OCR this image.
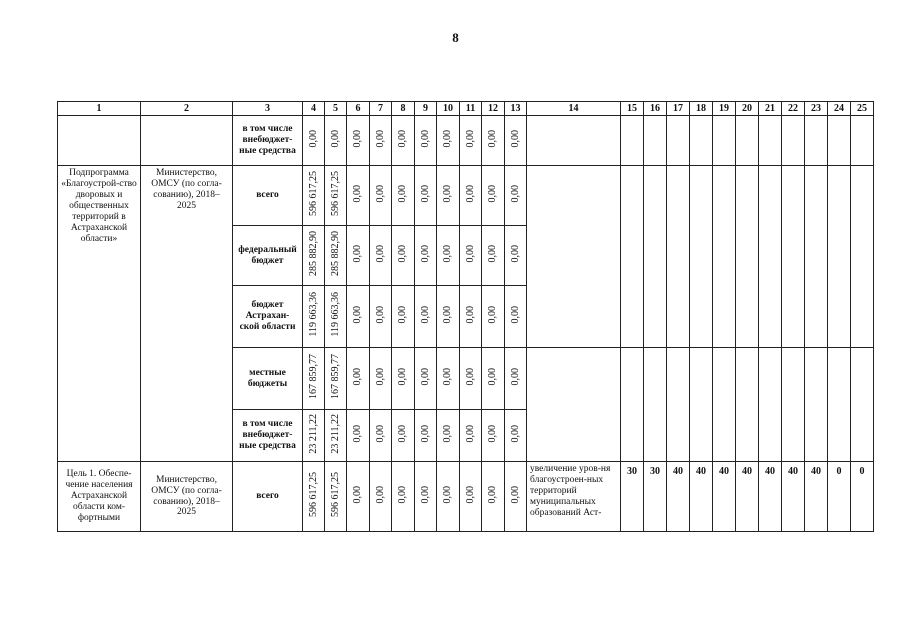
8
1	2	3	4	5	6	7	8	9	10	11	12	13	14	15	16	17	18	19	20	21	22	23	24	25
		в том числе внебюджет-ные средства	0,00	0,00	0,00	0,00	0,00	0,00	0,00	0,00	0,00	0,00												
Подпрограмма «Благоустрой-ство дворовых и общественных территорий в Астраханской области»	Министерство, ОМСУ (по согла-сованию), 2018–2025	всего	596 617,25	596 617,25	0,00	0,00	0,00	0,00	0,00	0,00	0,00	0,00												
		федеральный бюджет	285 882,90	285 882,90	0,00	0,00	0,00	0,00	0,00	0,00	0,00	0,00												
		бюджет Астрахан-ской области	119 663,36	119 663,36	0,00	0,00	0,00	0,00	0,00	0,00	0,00	0,00												
		местные бюджеты	167 859,77	167 859,77	0,00	0,00	0,00	0,00	0,00	0,00	0,00	0,00												
		в том числе внебюджет-ные средства	23 211,22	23 211,22	0,00	0,00	0,00	0,00	0,00	0,00	0,00	0,00												
Цель 1. Обеспе-чение населения Астраханской области ком-фортными	Министерство, ОМСУ (по согла-сованию), 2018–2025	всего	596 617,25	596 617,25	0,00	0,00	0,00	0,00	0,00	0,00	0,00	0,00	увеличение уров-ня благоустроен-ных территорий муниципальных образований Аст-	30	30	40	40	40	40	40	40	40	0	0
